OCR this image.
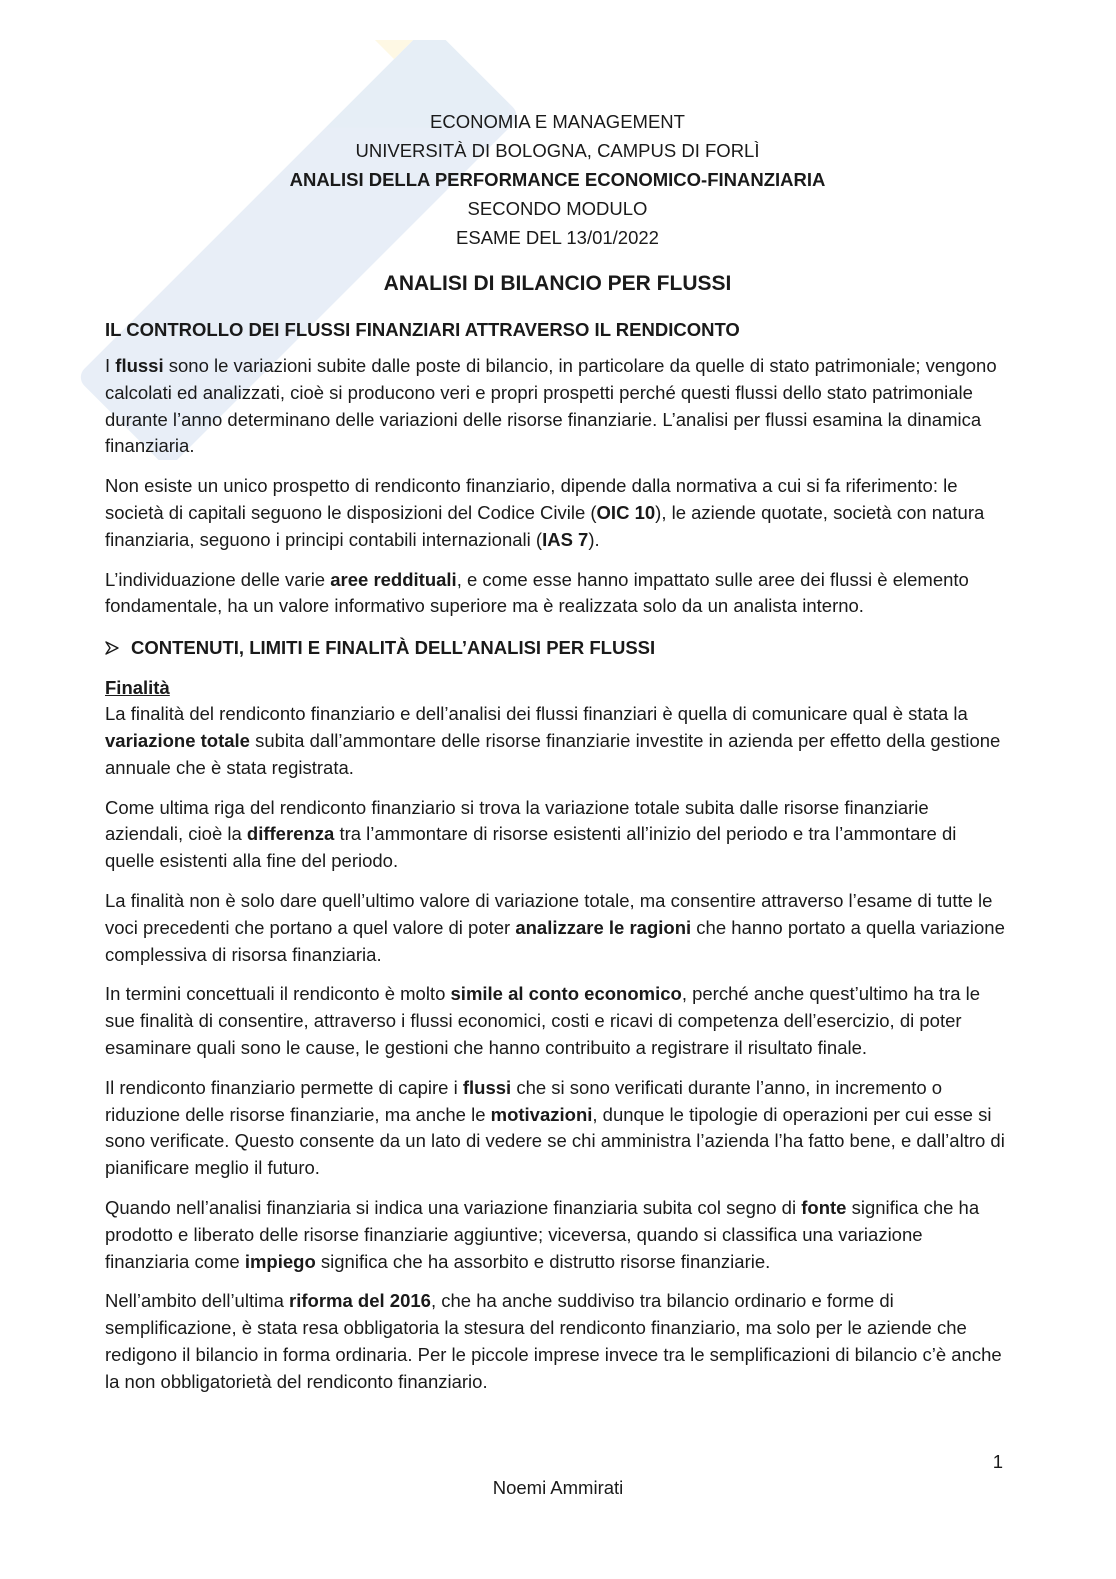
ECONOMIA E MANAGEMENT
UNIVERSITÀ DI BOLOGNA, CAMPUS DI FORLÌ
ANALISI DELLA PERFORMANCE ECONOMICO-FINANZIARIA
SECONDO MODULO
ESAME DEL 13/01/2022
ANALISI DI BILANCIO PER FLUSSI
IL CONTROLLO DEI FLUSSI FINANZIARI ATTRAVERSO IL RENDICONTO

I flussi sono le variazioni subite dalle poste di bilancio, in particolare da quelle di stato patrimoniale; vengono calcolati ed analizzati, cioè si producono veri e propri prospetti perché questi flussi dello stato patrimoniale durante l’anno determinano delle variazioni delle risorse finanziarie. L’analisi per flussi esamina la dinamica finanziaria.

Non esiste un unico prospetto di rendiconto finanziario, dipende dalla normativa a cui si fa riferimento: le società di capitali seguono le disposizioni del Codice Civile (OIC 10), le aziende quotate, società con natura finanziaria, seguono i principi contabili internazionali (IAS 7).

L’individuazione delle varie aree reddituali, e come esse hanno impattato sulle aree dei flussi è elemento fondamentale, ha un valore informativo superiore ma è realizzata solo da un analista interno.

CONTENUTI, LIMITI E FINALITÀ DELL’ANALISI PER FLUSSI
Finalità

La finalità del rendiconto finanziario e dell’analisi dei flussi finanziari è quella di comunicare qual è stata la variazione totale subita dall’ammontare delle risorse finanziarie investite in azienda per effetto della gestione annuale che è stata registrata.

Come ultima riga del rendiconto finanziario si trova la variazione totale subita dalle risorse finanziarie aziendali, cioè la differenza tra l’ammontare di risorse esistenti all’inizio del periodo e tra l’ammontare di quelle esistenti alla fine del periodo.

La finalità non è solo dare quell’ultimo valore di variazione totale, ma consentire attraverso l’esame di tutte le voci precedenti che portano a quel valore di poter analizzare le ragioni che hanno portato a quella variazione complessiva di risorsa finanziaria.

In termini concettuali il rendiconto è molto simile al conto economico, perché anche quest’ultimo ha tra le sue finalità di consentire, attraverso i flussi economici, costi e ricavi di competenza dell’esercizio, di poter esaminare quali sono le cause, le gestioni che hanno contribuito a registrare il risultato finale.

Il rendiconto finanziario permette di capire i flussi che si sono verificati durante l’anno, in incremento o riduzione delle risorse finanziarie, ma anche le motivazioni, dunque le tipologie di operazioni per cui esse si sono verificate. Questo consente da un lato di vedere se chi amministra l’azienda l’ha fatto bene, e dall’altro di pianificare meglio il futuro.

Quando nell’analisi finanziaria si indica una variazione finanziaria subita col segno di fonte significa che ha prodotto e liberato delle risorse finanziarie aggiuntive; viceversa, quando si classifica una variazione finanziaria come impiego significa che ha assorbito e distrutto risorse finanziarie.

Nell’ambito dell’ultima riforma del 2016, che ha anche suddiviso tra bilancio ordinario e forme di semplificazione, è stata resa obbligatoria la stesura del rendiconto finanziario, ma solo per le aziende che redigono il bilancio in forma ordinaria. Per le piccole imprese invece tra le semplificazioni di bilancio c’è anche la non obbligatorietà del rendiconto finanziario.

1
Noemi Ammirati
